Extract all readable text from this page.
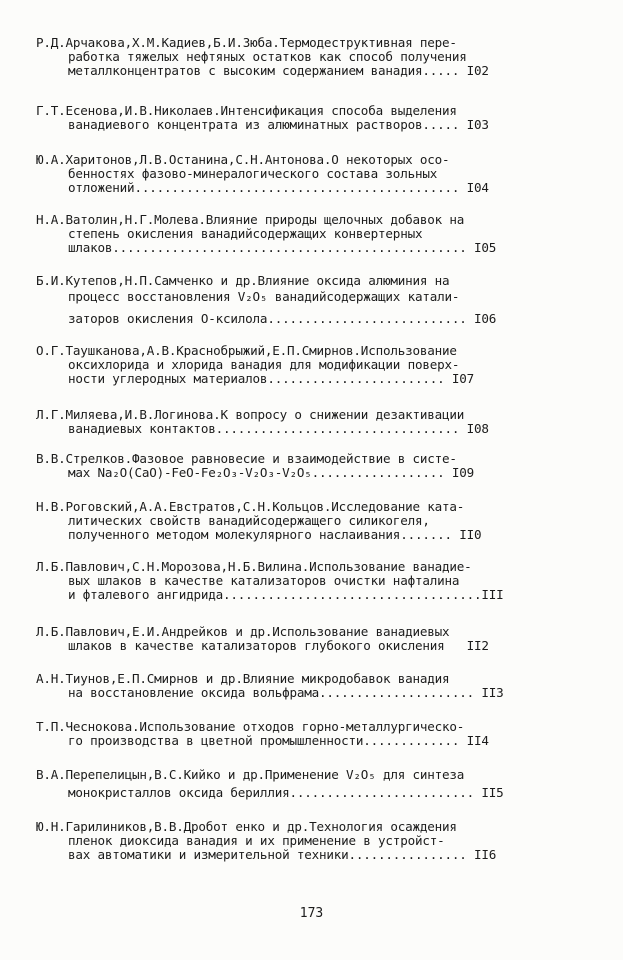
Р.Д.Арчакова,Х.М.Кадиев,Б.И.Зюба.Термодеструктивная пере-
работка тяжелых нефтяных остатков как способ получения
металлконцентратов с высоким содержанием ванадия..... I02
Г.Т.Есенова,И.В.Николаев.Интенсификация способа выделения
ванадиевого концентрата из алюминатных растворов..... I03
Ю.А.Харитонов,Л.В.Останина,С.Н.Антонова.О некоторых осо-
бенностях фазово-минералогического состава зольных
отложений............................................ I04
Н.А.Ватолин,Н.Г.Молева.Влияние природы щелочных добавок на
степень окисления ванадийсодержащих конвертерных
шлаков................................................ I05
Б.И.Кутепов,Н.П.Самченко и др.Влияние оксида алюминия на
процесс восстановления V₂O₅ ванадийсодержащих катали-
заторов окисления О-ксилола........................... I06
О.Г.Таушканова,А.В.Краснобрыжий,Е.П.Смирнов.Использование
оксихлорида и хлорида ванадия для модификации поверх-
ности углеродных материалов........................ I07
Л.Г.Миляева,И.В.Логинова.К вопросу о снижении дезактивации
ванадиевых контактов................................. I08
В.В.Стрелков.Фазовое равновесие и взаимодействие в систе-
мах Na₂O(CaO)-FeO-Fe₂O₃-V₂O₃-V₂O₅.................. I09
Н.В.Роговский,А.А.Евстратов,С.Н.Кольцов.Исследование ката-
литических свойств ванадийсодержащего силикогеля,
полученного методом молекулярного наслаивания....... II0
Л.Б.Павлович,С.Н.Морозова,Н.Б.Вилина.Использование ванадие-
вых шлаков в качестве катализаторов очистки нафталина
и фталевого ангидрида...................................III
Л.Б.Павлович,Е.И.Андрейков и др.Использование ванадиевых
шлаков в качестве катализаторов глубокого окисления   II2
А.Н.Тиунов,Е.П.Смирнов и др.Влияние микродобавок ванадия
на восстановление оксида вольфрама..................... II3
Т.П.Чеснокова.Использование отходов горно-металлургическо-
го производства в цветной промышленности............. II4
В.А.Перепелицын,В.С.Кийко и др.Применение V₂O₅ для синтеза
монокристаллов оксида бериллия......................... II5
Ю.Н.Гарилиников,В.В.Дробот енко и др.Технология осаждения
пленок диоксида ванадия и их применение в устройст-
вах автоматики и измерительной техники................ II6
173
